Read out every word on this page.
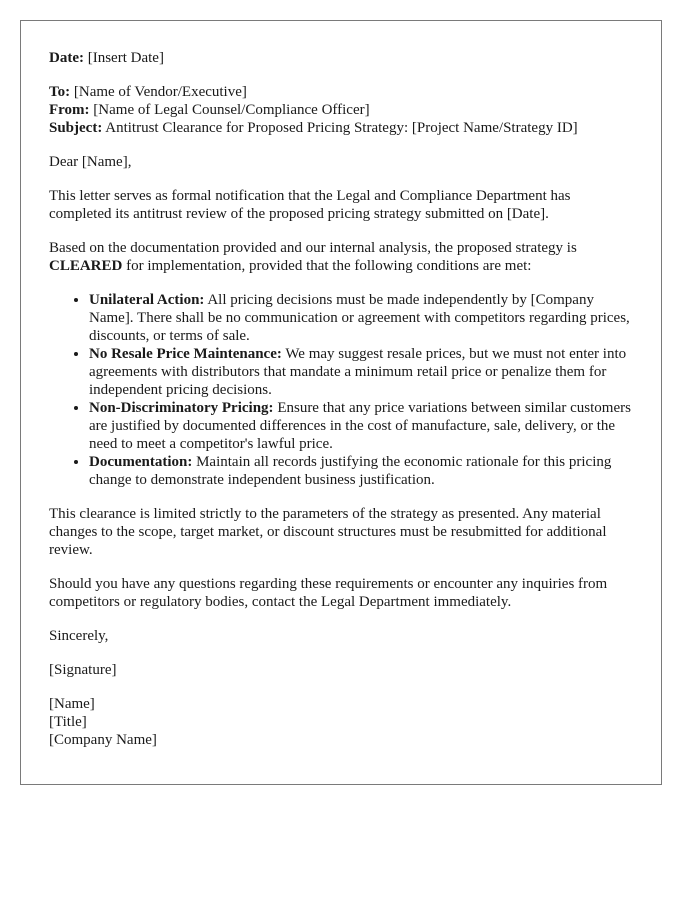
Date: [Insert Date]

To: [Name of Vendor/Executive]

From: [Name of Legal Counsel/Compliance Officer]

Subject: Antitrust Clearance for Proposed Pricing Strategy: [Project Name/Strategy ID]

Dear [Name],

This letter serves as formal notification that the Legal and Compliance Department has completed its antitrust review of the proposed pricing strategy submitted on [Date].

Based on the documentation provided and our internal analysis, the proposed strategy is CLEARED for implementation, provided that the following conditions are met:

• Unilateral Action: All pricing decisions must be made independently by [Company Name]. There shall be no communication or agreement with competitors regarding prices, discounts, or terms of sale.
• No Resale Price Maintenance: We may suggest resale prices, but we must not enter into agreements with distributors that mandate a minimum retail price or penalize them for independent pricing decisions.
• Non-Discriminatory Pricing: Ensure that any price variations between similar customers are justified by documented differences in the cost of manufacture, sale, delivery, or the need to meet a competitor's lawful price.
• Documentation: Maintain all records justifying the economic rationale for this pricing change to demonstrate independent business justification.

This clearance is limited strictly to the parameters of the strategy as presented. Any material changes to the scope, target market, or discount structures must be resubmitted for additional review.

Should you have any questions regarding these requirements or encounter any inquiries from competitors or regulatory bodies, contact the Legal Department immediately.

Sincerely,

[Signature]

[Name]

[Title]

[Company Name]
